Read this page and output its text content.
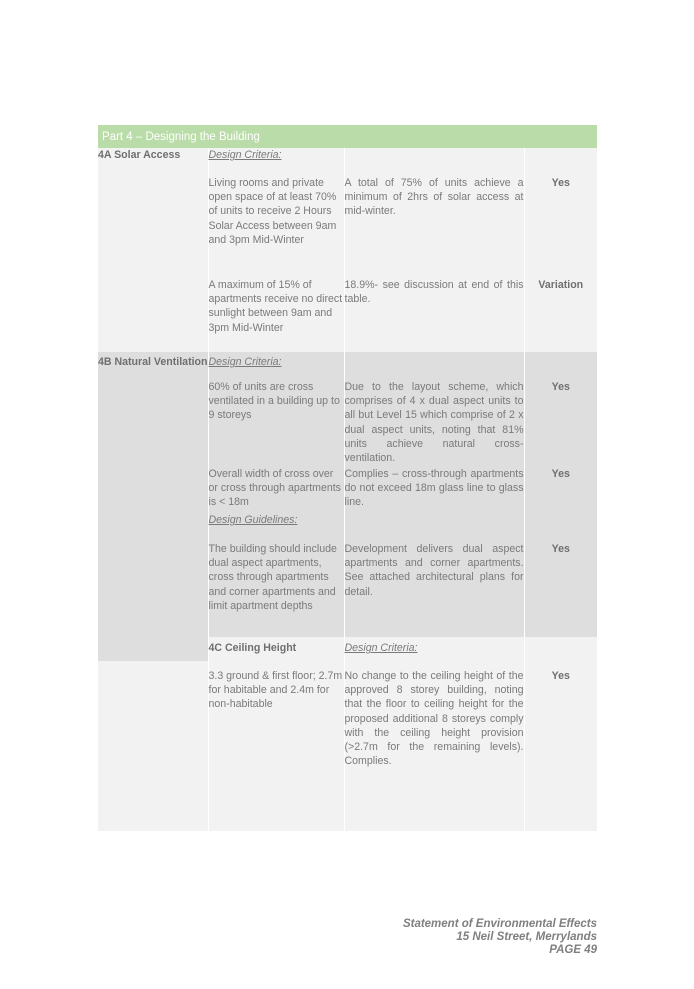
Part 4 – Designing the Building				
4A Solar Access	Design Criteria:			
	Living rooms and private open space of at least 70% of units to receive 2 Hours Solar Access between 9am and 3pm Mid-Winter	A total of 75% of units achieve a minimum of 2hrs of solar access at mid-winter.	Yes	
	A maximum of 15% of apartments receive no direct sunlight between 9am and 3pm Mid-Winter	18.9%- see discussion at end of this table.	Variation	
4B Natural Ventilation	Design Criteria:			
	60% of units are cross ventilated in a building up to 9 storeys	Due to the layout scheme, which comprises of 4 x dual aspect units to all but Level 15 which comprise of 2 x dual aspect units, noting that 81% units achieve natural cross-ventilation.	Yes	
	Overall width of cross over or cross through apartments is < 18m	Complies – cross-through apartments do not exceed 18m glass line to glass line.	Yes	
	Design Guidelines:			
	The building should include dual aspect apartments, cross through apartments and corner apartments and limit apartment depths	Development delivers dual aspect apartments and corner apartments. See attached architectural plans for detail.	Yes	
	4C Ceiling Height	Design Criteria:		
	3.3 ground & first floor; 2.7m for habitable and 2.4m for non-habitable	No change to the ceiling height of the approved 8 storey building, noting that the floor to ceiling height for the proposed additional 8 storeys comply with the ceiling height provision (>2.7m for the remaining levels). Complies.	Yes	
Statement of Environmental Effects
15 Neil Street, Merrylands
PAGE 49
